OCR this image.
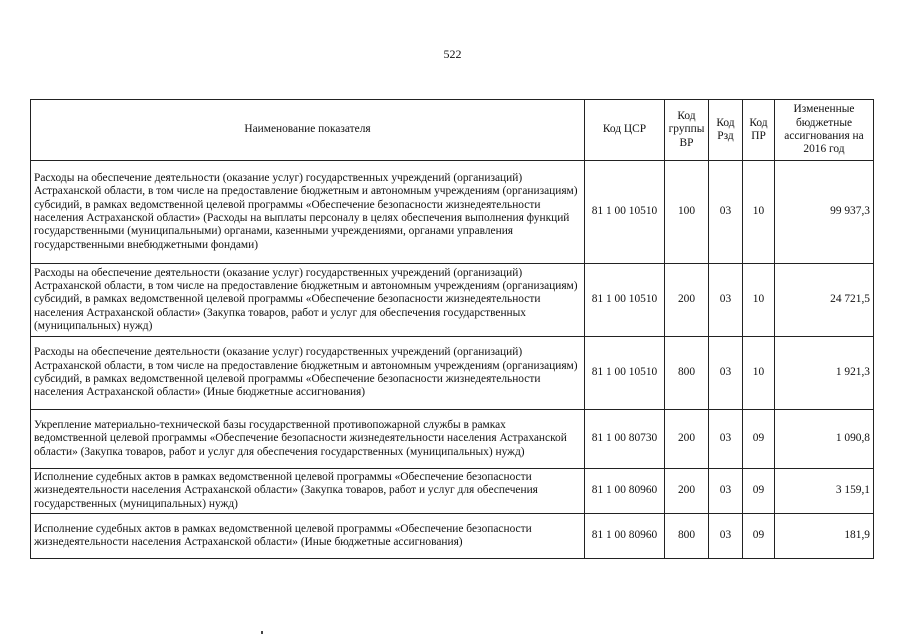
522
Наименование показателя	Код ЦСР	Код группы ВР	Код Рзд	Код ПР	Измененные бюджетные ассигнования на 2016 год
Расходы на обеспечение деятельности (оказание услуг) государственных учреждений (организаций) Астраханской области, в том числе на предоставление бюджетным и автономным учреждениям (организациям) субсидий, в рамках ведомственной целевой программы «Обеспечение безопасности жизнедеятельности населения Астраханской области» (Расходы на выплаты персоналу в целях обеспечения выполнения функций государственными (муниципальными) органами, казенными учреждениями, органами управления государственными внебюджетными фондами)	81 1 00 10510	100	03	10	99 937,3
Расходы на обеспечение деятельности (оказание услуг) государственных учреждений (организаций) Астраханской области, в том числе на предоставление бюджетным и автономным учреждениям (организациям) субсидий, в рамках ведомственной целевой программы «Обеспечение безопасности жизнедеятельности населения Астраханской области» (Закупка товаров, работ и услуг для обеспечения государственных (муниципальных) нужд)	81 1 00 10510	200	03	10	24 721,5
Расходы на обеспечение деятельности (оказание услуг) государственных учреждений (организаций) Астраханской области, в том числе на предоставление бюджетным и автономным учреждениям (организациям) субсидий, в рамках ведомственной целевой программы «Обеспечение безопасности жизнедеятельности населения Астраханской области» (Иные бюджетные ассигнования)	81 1 00 10510	800	03	10	1 921,3
Укрепление материально-технической базы государственной противопожарной службы в рамках ведомственной целевой программы «Обеспечение безопасности жизнедеятельности населения Астраханской области» (Закупка товаров, работ и услуг для обеспечения государственных (муниципальных) нужд)	81 1 00 80730	200	03	09	1 090,8
Исполнение судебных актов в рамках ведомственной целевой программы «Обеспечение безопасности жизнедеятельности населения Астраханской области» (Закупка товаров, работ и услуг для обеспечения государственных (муниципальных) нужд)	81 1 00 80960	200	03	09	3 159,1
Исполнение судебных актов в рамках ведомственной целевой программы «Обеспечение безопасности жизнедеятельности населения Астраханской области» (Иные бюджетные ассигнования)	81 1 00 80960	800	03	09	181,9
